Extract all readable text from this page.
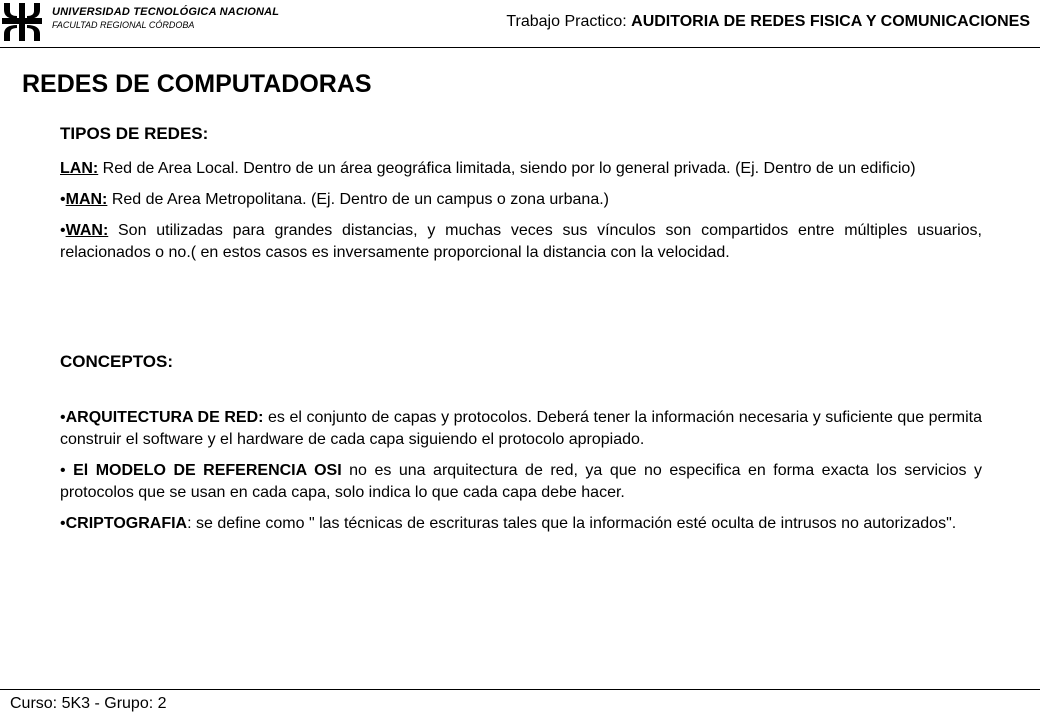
UNIVERSIDAD TECNOLÓGICA NACIONAL
FACULTAD REGIONAL CÓRDOBA	Trabajo Practico: AUDITORIA DE REDES FISICA Y COMUNICACIONES
REDES DE COMPUTADORAS
TIPOS DE REDES:

LAN: Red de Area Local. Dentro de un área geográfica limitada, siendo por lo general privada. (Ej. Dentro de un edificio)

•MAN: Red de Area Metropolitana. (Ej. Dentro de un campus o zona urbana.)

•WAN: Son utilizadas para grandes distancias, y muchas veces sus vínculos son compartidos entre múltiples usuarios, relacionados o no.( en estos casos es inversamente proporcional la distancia con la velocidad.

CONCEPTOS:

•ARQUITECTURA DE RED: es el conjunto de capas y protocolos. Deberá tener la información necesaria y suficiente que permita construir el software y el hardware de cada capa siguiendo el protocolo apropiado.

• El MODELO DE REFERENCIA OSI no es una arquitectura de red, ya que no especifica en forma exacta los servicios y protocolos que se usan en cada capa, solo indica lo que cada capa debe hacer.

•CRIPTOGRAFIA: se define como " las técnicas de escrituras tales que la información esté oculta de intrusos no autorizados".

Curso: 5K3 - Grupo: 2
